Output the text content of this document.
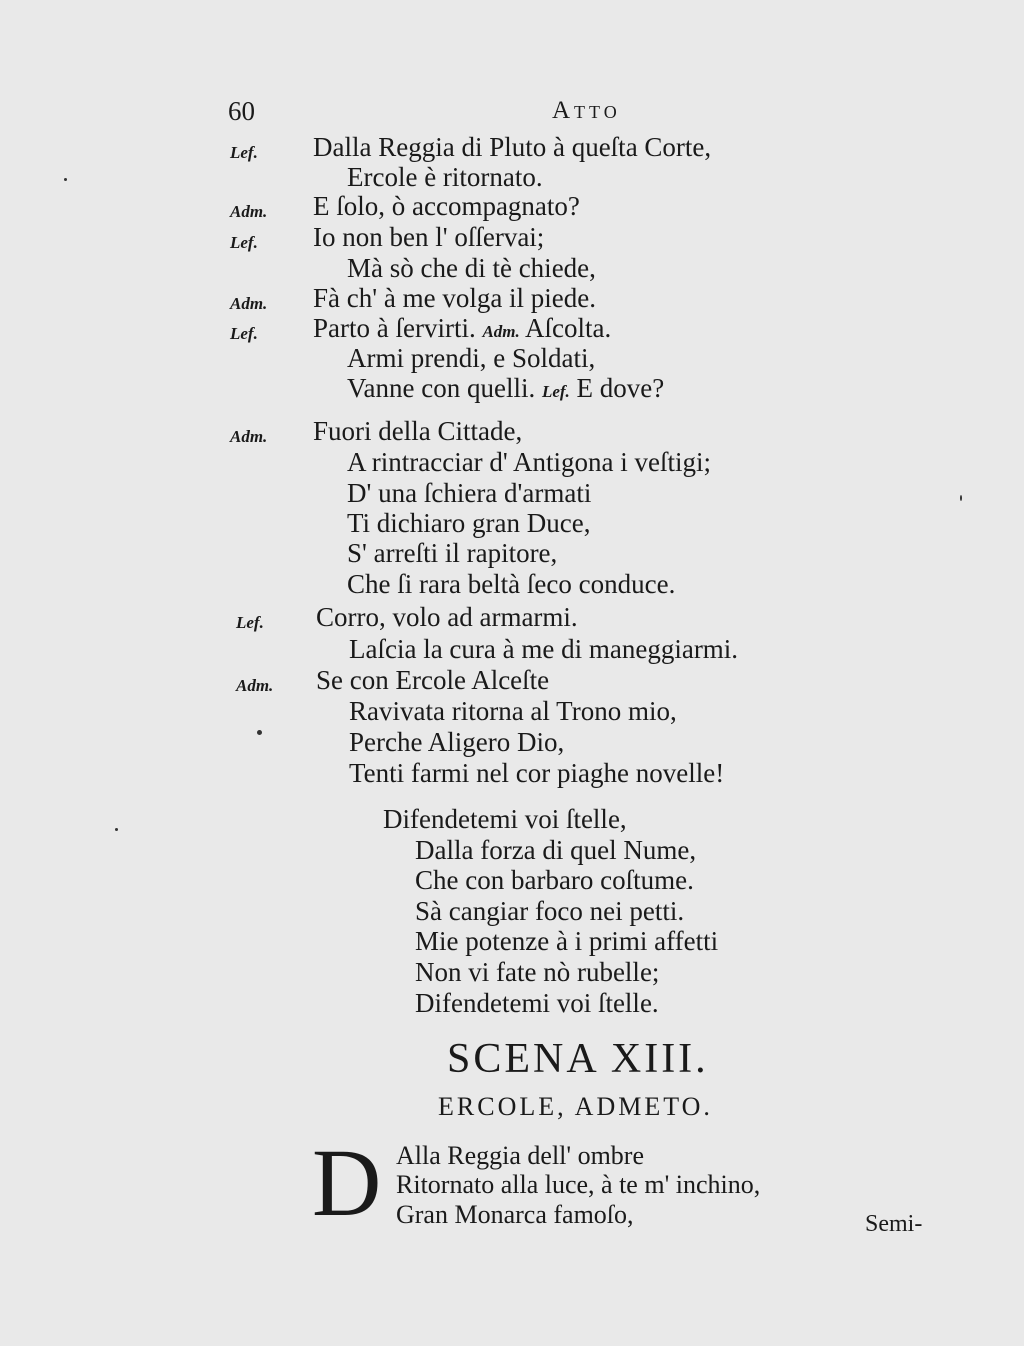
60	Atto
Lef. Dalla Reggia di Pluto à queſta Corte,
Ercole è ritornato.
Adm. E ſolo, ò accompagnato?
Lef. Io non ben l' oſſervai;
Mà sò che di tè chiede,
Adm. Fà ch' à me volga il piede.
Lef. Parto à ſervirti. Adm. Aſcolta.
Armi prendi, e Soldati,
Vanne con quelli. Lef. E dove?
Adm. Fuori della Cittade,
A rintracciar d' Antigona i veſtigi;
D' una ſchiera d'armati
Ti dichiaro gran Duce,
S' arreſti il rapitore,
Che ſi rara beltà ſeco conduce.
Lef. Corro, volo ad armarmi.
Laſcia la cura à me di maneggiarmi.
Adm. Se con Ercole Alceſte
Ravivata ritorna al Trono mio,
Perche Aligero Dio,
Tenti farmi nel cor piaghe novelle!
Difendetemi voi ſtelle,
Dalla forza di quel Nume,
Che con barbaro coſtume.
Sà cangiar foco nei petti.
Mie potenze à i primi affetti
Non vi fate nò rubelle;
Difendetemi voi ſtelle.
SCENA XIII.
ERCOLE, ADMETO.
D Alla Reggia dell' ombre
Ritornato alla luce, à te m' inchino,
Gran Monarca famoſo,	Semi-
